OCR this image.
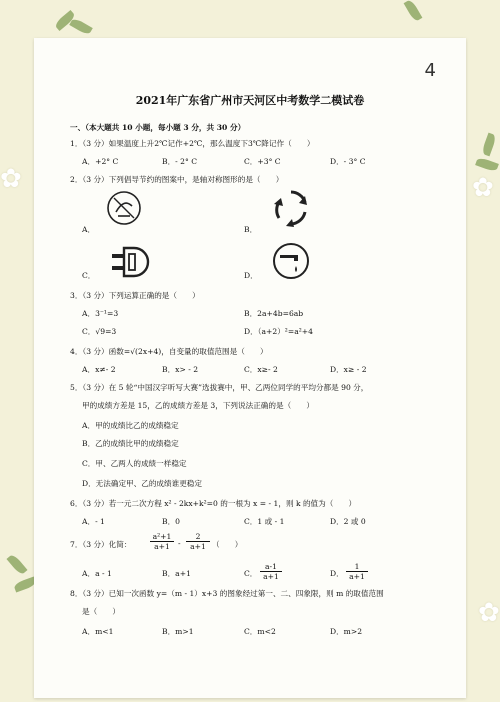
✿	✿
✿
4
2021年广东省广州市天河区中考数学二模试卷
一、（本大题共 10 小题，每小题 3 分，共 30 分）
1．（3 分）如果温度上升2℃记作+2℃，那么温度下3℃降记作（　　）
A．+2° C	B．- 2° C	C．+3° C	D．- 3° C
2．（3 分）下列倡导节约的图案中，是轴对称图形的是（　　）
A．	B．
C．	D．
3．（3 分）下列运算正确的是（　　）
A．3⁻¹=3	B．2a+4b=6ab
C．√9=3	D．（a+2）²=a²+4
4．（3 分）函数=√(2x+4)，自变量的取值范围是（　　）
A．x≠- 2	B．x> - 2	C．x≥- 2	D．x≥ - 2
5．（3 分）在 5 轮“中国汉字听写大赛”选拔赛中，甲、乙两位同学的平均分都是 90 分，
甲的成绩方差是 15，乙的成绩方差是 3，下列说法正确的是（　　）
A．甲的成绩比乙的成绩稳定
B．乙的成绩比甲的成绩稳定
C．甲、乙两人的成绩一样稳定
D．无法确定甲、乙的成绩谁更稳定
6．（3 分）若一元二次方程 x² - 2kx+k²=0 的一根为 x = - 1，则 k 的值为（　　）
A．- 1	B．0	C．1 或 - 1	D．2 或 0
7．（3 分）化简： $\frac{\text{a²+1}}{a+1} - \frac{2}{a+1}$ （　　）
A．a - 1	B．a+1	C． $\frac{a-1}{a+1}$	D． $\frac{1}{a+1}$
8．（3 分）已知一次函数 y=（m - 1）x+3 的图象经过第一、二、四象限，则 m 的取值范围
是（　　）
A．m<1	B．m>1	C．m<2	D．m>2
